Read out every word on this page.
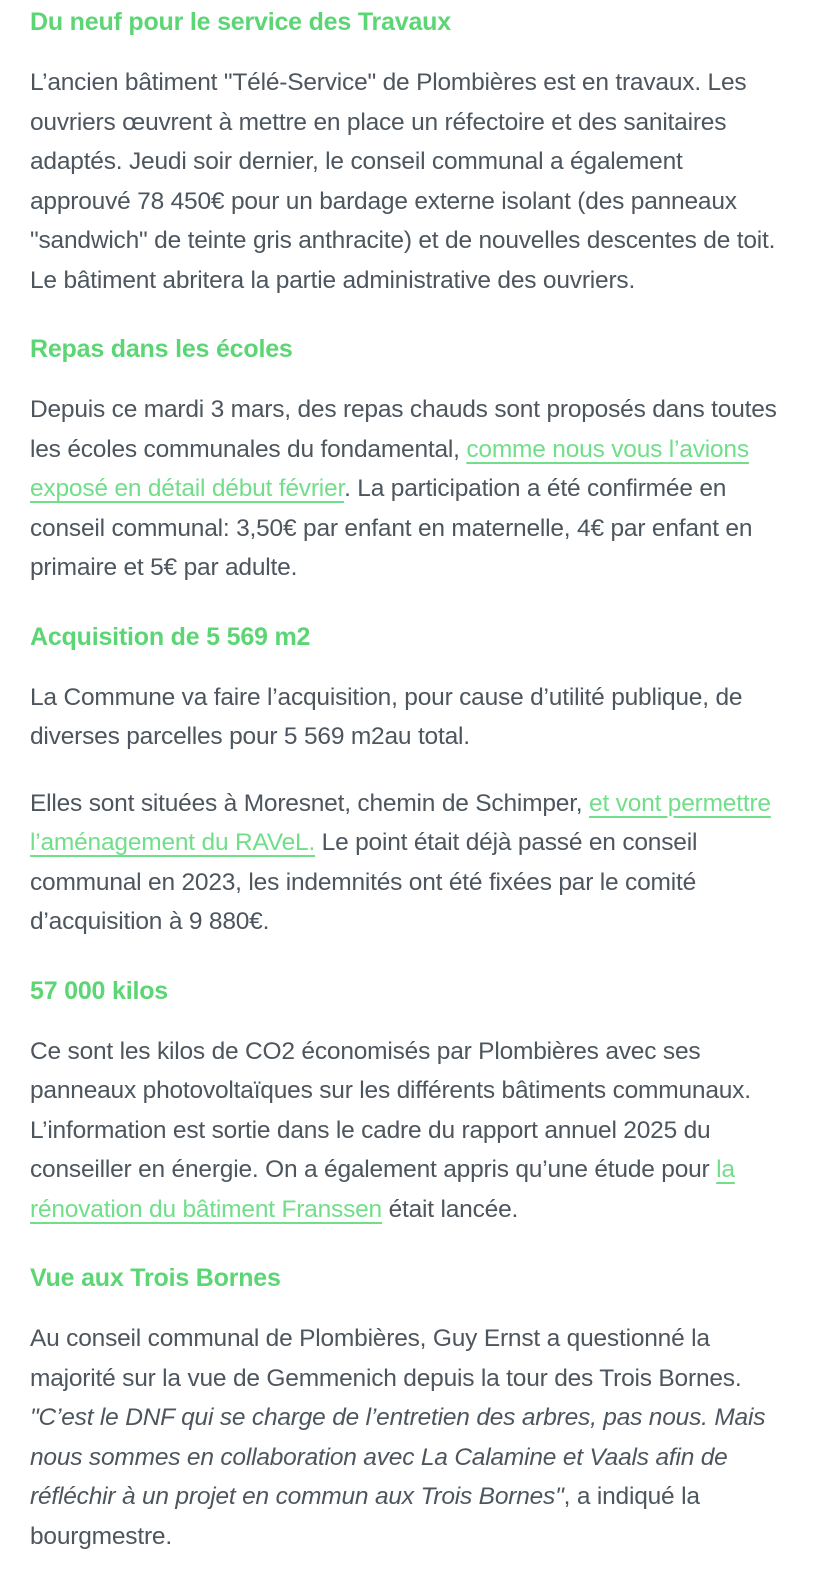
Du neuf pour le service des Travaux

L’ancien bâtiment "Télé-Service" de Plombières est en travaux. Les ouvriers œuvrent à mettre en place un réfectoire et des sanitaires adaptés. Jeudi soir dernier, le conseil communal a également approuvé 78 450€ pour un bardage externe isolant (des panneaux "sandwich" de teinte gris anthracite) et de nouvelles descentes de toit. Le bâtiment abritera la partie administrative des ouvriers.

Repas dans les écoles

Depuis ce mardi 3 mars, des repas chauds sont proposés dans toutes les écoles communales du fondamental, comme nous vous l’avions exposé en détail début février. La participation a été confirmée en conseil communal: 3,50€ par enfant en maternelle, 4€ par enfant en primaire et 5€ par adulte.

Acquisition de 5 569 m2

La Commune va faire l’acquisition, pour cause d’utilité publique, de diverses parcelles pour 5 569 m2au total.

Elles sont situées à Moresnet, chemin de Schimper, et vont permettre l’aménagement du RAVeL. Le point était déjà passé en conseil communal en 2023, les indemnités ont été fixées par le comité d’acquisition à 9 880€.

57 000 kilos

Ce sont les kilos de CO2 économisés par Plombières avec ses panneaux photovoltaïques sur les différents bâtiments communaux. L’information est sortie dans le cadre du rapport annuel 2025 du conseiller en énergie. On a également appris qu’une étude pour la rénovation du bâtiment Franssen était lancée.

Vue aux Trois Bornes

Au conseil communal de Plombières, Guy Ernst a questionné la majorité sur la vue de Gemmenich depuis la tour des Trois Bornes. "C’est le DNF qui se charge de l’entretien des arbres, pas nous. Mais nous sommes en collaboration avec La Calamine et Vaals afin de réfléchir à un projet en commun aux Trois Bornes", a indiqué la bourgmestre.
